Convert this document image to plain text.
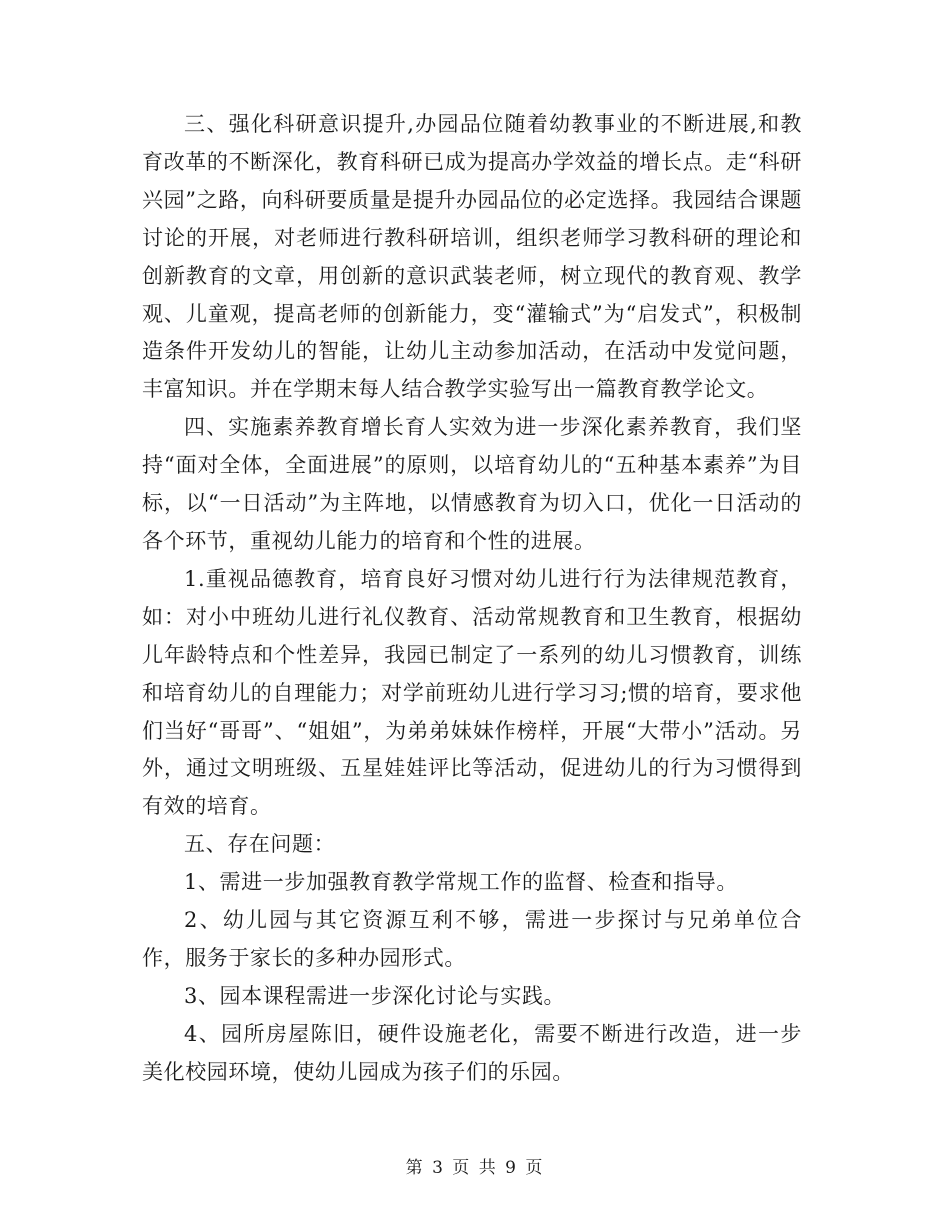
三、强化科研意识提升,办园品位随着幼教事业的不断进展,和教育改革的不断深化，教育科研已成为提高办学效益的增长点。走“科研兴园”之路，向科研要质量是提升办园品位的必定选择。我园结合课题讨论的开展，对老师进行教科研培训，组织老师学习教科研的理论和创新教育的文章，用创新的意识武装老师，树立现代的教育观、教学观、儿童观，提高老师的创新能力，变“灌输式”为“启发式”，积极制造条件开发幼儿的智能，让幼儿主动参加活动，在活动中发觉问题，丰富知识。并在学期末每人结合教学实验写出一篇教育教学论文。

四、实施素养教育增长育人实效为进一步深化素养教育，我们坚持“面对全体，全面进展”的原则，以培育幼儿的“五种基本素养”为目标，以“一日活动”为主阵地，以情感教育为切入口，优化一日活动的各个环节，重视幼儿能力的培育和个性的进展。

1.重视品德教育，培育良好习惯对幼儿进行行为法律规范教育，如：对小中班幼儿进行礼仪教育、活动常规教育和卫生教育，根据幼儿年龄特点和个性差异，我园已制定了一系列的幼儿习惯教育，训练和培育幼儿的自理能力；对学前班幼儿进行学习习;惯的培育，要求他们当好“哥哥”、“姐姐”，为弟弟妹妹作榜样，开展“大带小”活动。另外，通过文明班级、五星娃娃评比等活动，促进幼儿的行为习惯得到有效的培育。

五、存在问题：

1、需进一步加强教育教学常规工作的监督、检查和指导。

2、幼儿园与其它资源互利不够，需进一步探讨与兄弟单位合作，服务于家长的多种办园形式。

3、园本课程需进一步深化讨论与实践。

4、园所房屋陈旧，硬件设施老化，需要不断进行改造，进一步美化校园环境，使幼儿园成为孩子们的乐园。

第 3 页 共 9 页
